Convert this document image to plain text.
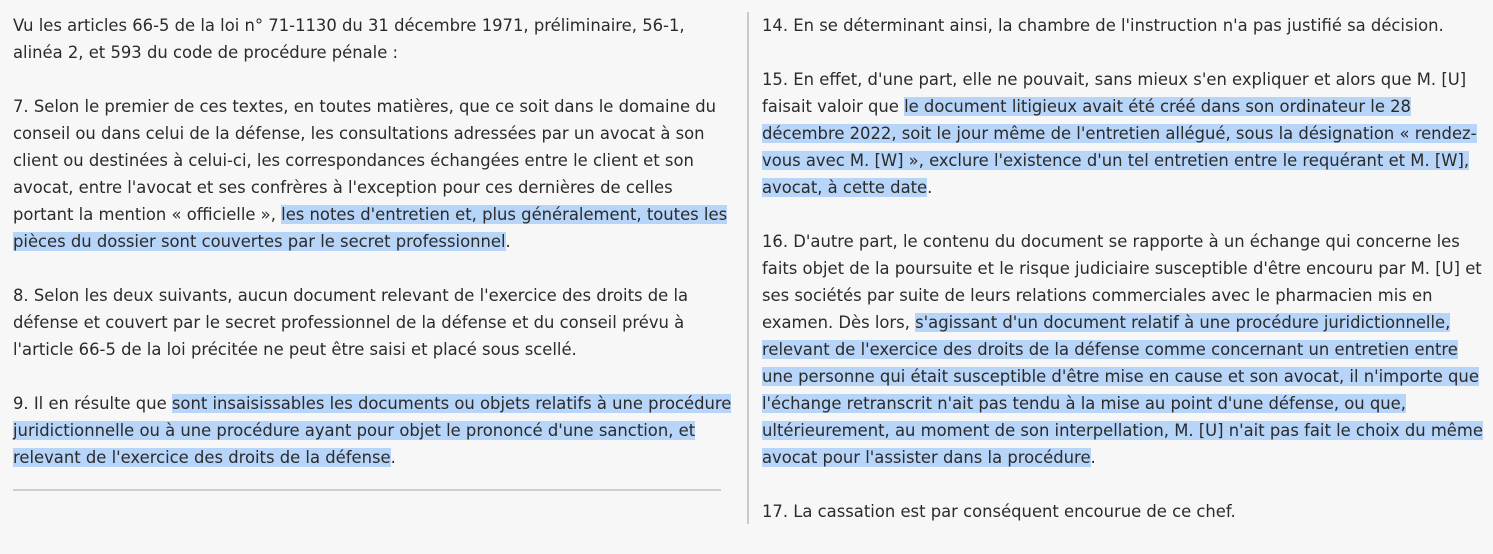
Vu les articles 66-5 de la loi n° 71-1130 du 31 décembre 1971, préliminaire, 56-1, alinéa 2, et 593 du code de procédure pénale :

7. Selon le premier de ces textes, en toutes matières, que ce soit dans le domaine du conseil ou dans celui de la défense, les consultations adressées par un avocat à son client ou destinées à celui-ci, les correspondances échangées entre le client et son avocat, entre l'avocat et ses confrères à l'exception pour ces dernières de celles portant la mention « officielle », les notes d'entretien et, plus généralement, toutes les pièces du dossier sont couvertes par le secret professionnel.

8. Selon les deux suivants, aucun document relevant de l'exercice des droits de la défense et couvert par le secret professionnel de la défense et du conseil prévu à l'article 66-5 de la loi précitée ne peut être saisi et placé sous scellé.

9. Il en résulte que sont insaisissables les documents ou objets relatifs à une procédure juridictionnelle ou à une procédure ayant pour objet le prononcé d'une sanction, et relevant de l'exercice des droits de la défense.

14. En se déterminant ainsi, la chambre de l'instruction n'a pas justifié sa décision.

15. En effet, d'une part, elle ne pouvait, sans mieux s'en expliquer et alors que M. [U] faisait valoir que le document litigieux avait été créé dans son ordinateur le 28 décembre 2022, soit le jour même de l'entretien allégué, sous la désignation « rendez-vous avec M. [W] », exclure l'existence d'un tel entretien entre le requérant et M. [W], avocat, à cette date.

16. D'autre part, le contenu du document se rapporte à un échange qui concerne les faits objet de la poursuite et le risque judiciaire susceptible d'être encouru par M. [U] et ses sociétés par suite de leurs relations commerciales avec le pharmacien mis en examen. Dès lors, s'agissant d'un document relatif à une procédure juridictionnelle, relevant de l'exercice des droits de la défense comme concernant un entretien entre une personne qui était susceptible d'être mise en cause et son avocat, il n'importe que l'échange retranscrit n'ait pas tendu à la mise au point d'une défense, ou que, ultérieurement, au moment de son interpellation, M. [U] n'ait pas fait le choix du même avocat pour l'assister dans la procédure.

17. La cassation est par conséquent encourue de ce chef.
